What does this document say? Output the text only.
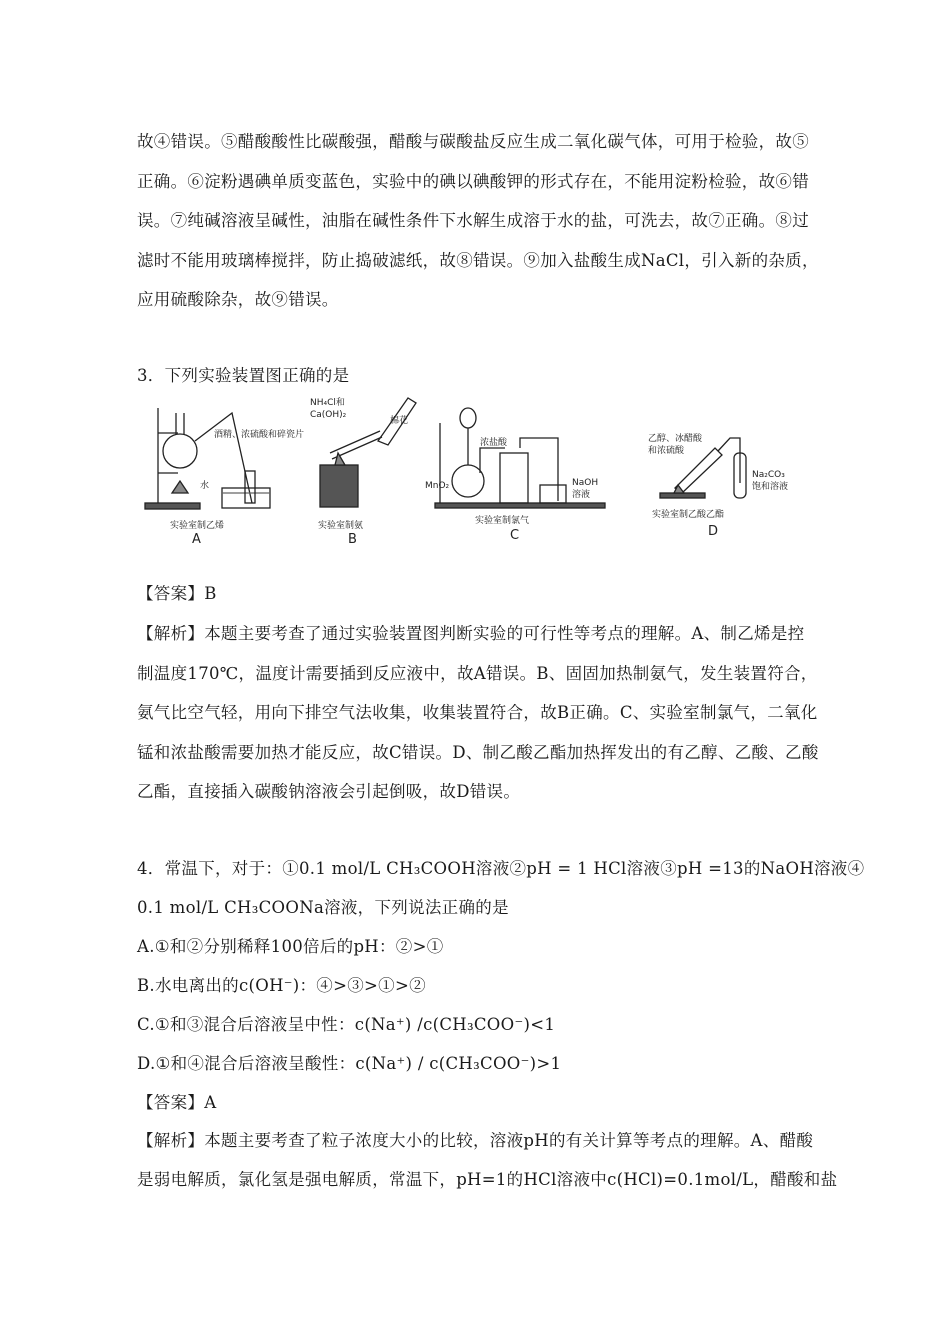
故④错误。⑤醋酸酸性比碳酸强，醋酸与碳酸盐反应生成二氧化碳气体，可用于检验，故⑤
正确。⑥淀粉遇碘单质变蓝色，实验中的碘以碘酸钾的形式存在，不能用淀粉检验，故⑥错
误。⑦纯碱溶液呈碱性，油脂在碱性条件下水解生成溶于水的盐，可洗去，故⑦正确。⑧过
滤时不能用玻璃棒搅拌，防止捣破滤纸，故⑧错误。⑨加入盐酸生成NaCl，引入新的杂质，
应用硫酸除杂，故⑨错误。
3．下列实验装置图正确的是
酒精、浓硫酸和碎瓷片
水
实验室制乙烯
A
NH₄Cl和
Ca(OH)₂
棉花
实验室制氨
B
浓盐酸
MnO₂	NaOH
溶液
实验室制氯气
C
乙醇、冰醋酸
和浓硫酸
Na₂CO₃
饱和溶液
实验室制乙酸乙酯
D
【答案】B
【解析】本题主要考查了通过实验装置图判断实验的可行性等考点的理解。A、制乙烯是控
制温度170℃，温度计需要插到反应液中，故A错误。B、固固加热制氨气，发生装置符合，
氨气比空气轻，用向下排空气法收集，收集装置符合，故B正确。C、实验室制氯气，二氧化
锰和浓盐酸需要加热才能反应，故C错误。D、制乙酸乙酯加热挥发出的有乙醇、乙酸、乙酸
乙酯，直接插入碳酸钠溶液会引起倒吸，故D错误。
4．常温下，对于：①0.1 mol/L CH₃COOH溶液②pH = 1 HCl溶液③pH =13的NaOH溶液④
0.1 mol/L CH₃COONa溶液，下列说法正确的是
A.①和②分别稀释100倍后的pH：②>①
B.水电离出的c(OH⁻)：④>③>①>②
C.①和③混合后溶液呈中性：c(Na⁺) /c(CH₃COO⁻)<1
D.①和④混合后溶液呈酸性：c(Na⁺) / c(CH₃COO⁻)>1
【答案】A
【解析】本题主要考查了粒子浓度大小的比较，溶液pH的有关计算等考点的理解。A、醋酸
是弱电解质，氯化氢是强电解质，常温下，pH=1的HCl溶液中c(HCl)=0.1mol/L，醋酸和盐
